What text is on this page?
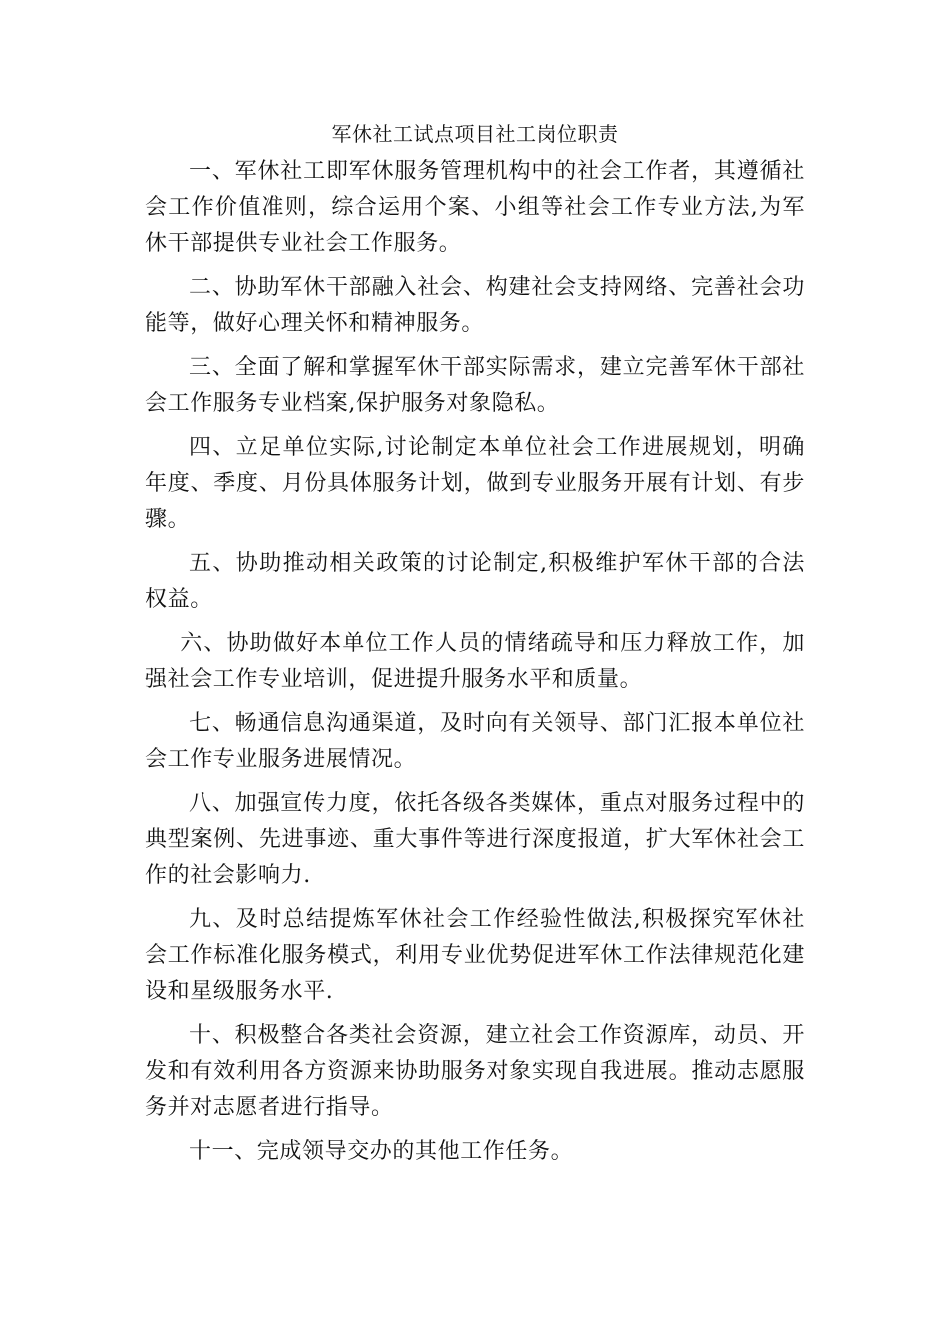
军休社工试点项目社工岗位职责

一、军休社工即军休服务管理机构中的社会工作者，其遵循社会工作价值准则，综合运用个案、小组等社会工作专业方法,为军休干部提供专业社会工作服务。

二、协助军休干部融入社会、构建社会支持网络、完善社会功能等，做好心理关怀和精神服务。

三、全面了解和掌握军休干部实际需求，建立完善军休干部社会工作服务专业档案,保护服务对象隐私。

四、立足单位实际,讨论制定本单位社会工作进展规划，明确年度、季度、月份具体服务计划，做到专业服务开展有计划、有步骤。

五、协助推动相关政策的讨论制定,积极维护军休干部的合法权益。

六、协助做好本单位工作人员的情绪疏导和压力释放工作，加强社会工作专业培训，促进提升服务水平和质量。

七、畅通信息沟通渠道，及时向有关领导、部门汇报本单位社会工作专业服务进展情况。

八、加强宣传力度，依托各级各类媒体，重点对服务过程中的典型案例、先进事迹、重大事件等进行深度报道，扩大军休社会工作的社会影响力.

九、及时总结提炼军休社会工作经验性做法,积极探究军休社会工作标准化服务模式，利用专业优势促进军休工作法律规范化建设和星级服务水平.

十、积极整合各类社会资源，建立社会工作资源库，动员、开发和有效利用各方资源来协助服务对象实现自我进展。推动志愿服务并对志愿者进行指导。

十一、完成领导交办的其他工作任务。
